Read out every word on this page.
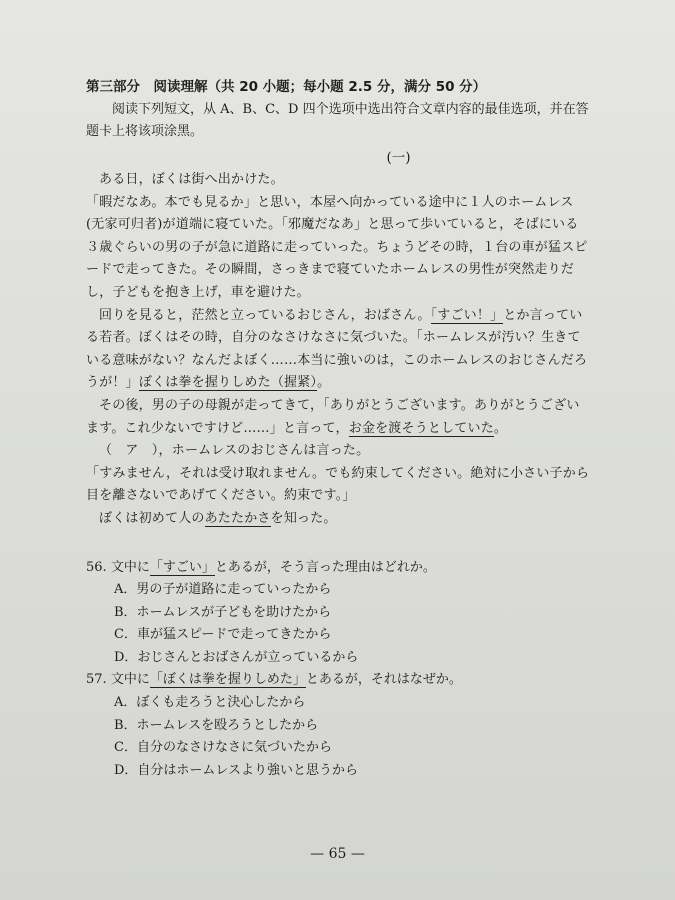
第三部分　阅读理解（共 20 小题；每小题 2.5 分，满分 50 分）
阅读下列短文，从 A、B、C、D 四个选项中选出符合文章内容的最佳选项，并在答题卡上将该项涂黑。
(一)

ある日，ぼくは街へ出かけた。

「暇だなあ。本でも見るか」と思い，本屋へ向かっている途中に１人のホームレス(无家可归者)が道端に寝ていた。「邪魔だなあ」と思って歩いていると，そばにいる３歳ぐらいの男の子が急に道路に走っていった。ちょうどその時，１台の車が猛スピードで走ってきた。その瞬間，さっきまで寝ていたホームレスの男性が突然走りだし，子どもを抱き上げ，車を避けた。

回りを見ると，茫然と立っているおじさん，おばさん。「すごい！」とか言っている若者。ぼくはその時，自分のなさけなさに気づいた。「ホームレスが汚い？生きている意味がない？なんだよぼく……本当に強いのは，このホームレスのおじさんだろうが！」ぼくは拳を握りしめた（握紧）。

その後，男の子の母親が走ってきて，「ありがとうございます。ありがとうございます。これ少ないですけど……」と言って，お金を渡そうとしていた。

（　ア　），ホームレスのおじさんは言った。

「すみません，それは受け取れません。でも約束してください。絶対に小さい子から目を離さないであげてください。約束です。」

ぼくは初めて人のあたたかさを知った。

56. 文中に「すごい」とあるが，そう言った理由はどれか。
A．男の子が道路に走っていったから
B．ホームレスが子どもを助けたから
C．車が猛スピードで走ってきたから
D．おじさんとおばさんが立っているから
57. 文中に「ぼくは拳を握りしめた」とあるが，それはなぜか。
A．ぼくも走ろうと決心したから
B．ホームレスを殴ろうとしたから
C．自分のなさけなさに気づいたから
D．自分はホームレスより強いと思うから
— 65 —
